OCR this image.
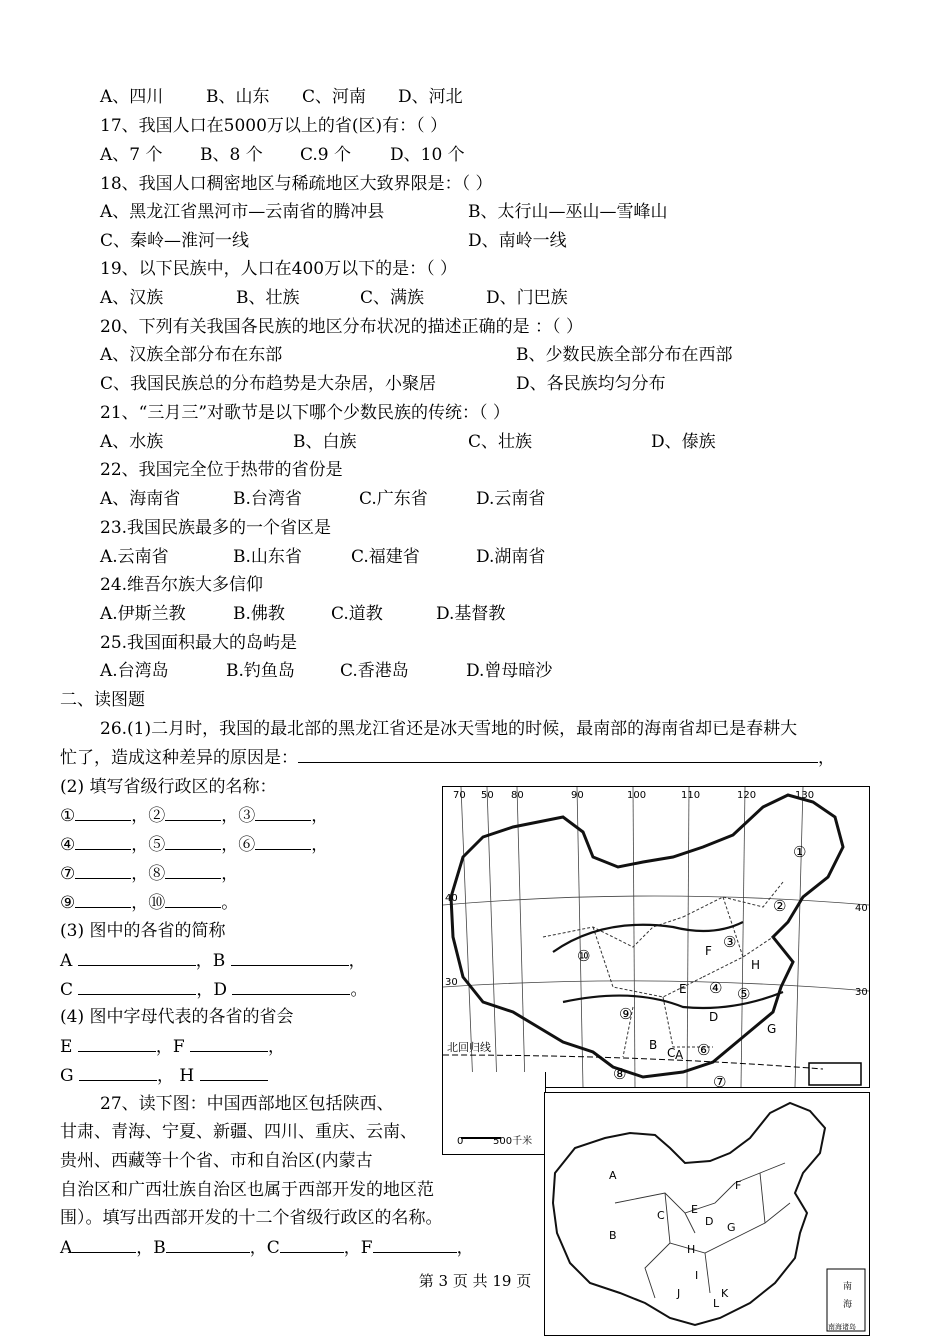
A、四川	B、山东 C、河南 D、河北
17、我国人口在5000万以上的省(区)有：（ ）
A、7 个 B、8 个 C.9 个 D、10 个
18、我国人口稠密地区与稀疏地区大致界限是：（ ）
A、黑龙江省黑河市—云南省的腾冲县	B、太行山—巫山—雪峰山
C、秦岭—淮河一线	D、南岭一线
19、以下民族中，人口在400万以下的是：（ ）
A、汉族	B、壮族	C、满族	D、门巴族
20、下列有关我国各民族的地区分布状况的描述正确的是 ：（ ）
A、汉族全部分布在东部	B、少数民族全部分布在西部
C、我国民族总的分布趋势是大杂居，小聚居	D、各民族均匀分布
21、“三月三”对歌节是以下哪个少数民族的传统：（ ）
A、水族	B、白族	C、壮族	D、傣族
22、我国完全位于热带的省份是
A、海南省	B.台湾省	C.广东省	D.云南省
23.我国民族最多的一个省区是
A.云南省	B.山东省	C.福建省	D.湖南省
24.维吾尔族大多信仰
A.伊斯兰教	B.佛教	C.道教	D.基督教
25.我国面积最大的岛屿是
A.台湾岛	B.钓鱼岛	C.香港岛	D.曾母暗沙
二、读图题
26.(1)二月时，我国的最北部的黑龙江省还是冰天雪地的时候，最南部的海南省却已是春耕大
忙了，造成这种差异的原因是：	，
(2) 填写省级行政区的名称：
①	，②	，③	，
④	，⑤	，⑥	，
⑦	，⑧	，
⑨	，⑩	。
(3) 图中的各省的简称
A	，B	，
C	，D	。
(4) 图中字母代表的各省的省会
E	，F	，
G	， H
27、读下图：中国西部地区包括陕西、
甘肃、青海、宁夏、新疆、四川、重庆、云南、
贵州、西藏等十个省、市和自治区(内蒙古
自治区和广西壮族自治区也属于西部开发的地区范
围）。填写出西部开发的十二个省级行政区的名称。
A	，B	，C	，F	，
70 50 80	90	100	110	120	130
40
30
40
30
北回归线
①
②
③
④ ⑤
⑥
⑦
⑧
⑨
⑩
A
B
C
D
E
F
G
H
0	500千米
A
B
C	D
E
F
G
H
I
J	K
L
南
海
南海诸岛
第 3 页 共 19 页
